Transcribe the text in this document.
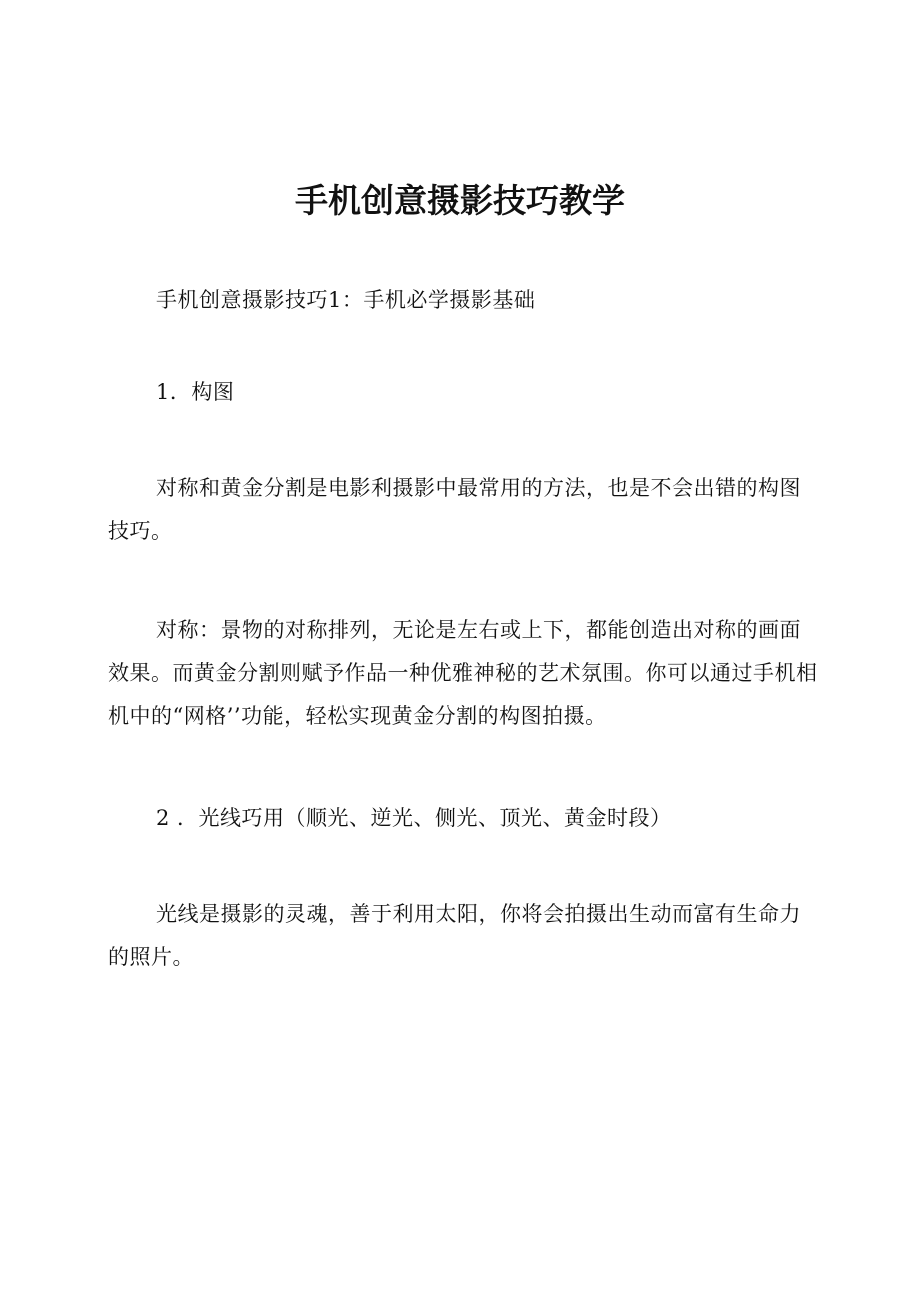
手机创意摄影技巧教学

手机创意摄影技巧1：手机必学摄影基础

1．构图

对称和黄金分割是电影利摄影中最常用的方法，也是不会出错的构图技巧。

对称：景物的对称排列，无论是左右或上下，都能创造出对称的画面效果。而黄金分割则赋予作品一种优雅神秘的艺术氛围。你可以通过手机相机中的“网格’’功能，轻松实现黄金分割的构图拍摄。

2 ．光线巧用（顺光、逆光、侧光、顶光、黄金时段）

光线是摄影的灵魂，善于利用太阳，你将会拍摄出生动而富有生命力的照片。
